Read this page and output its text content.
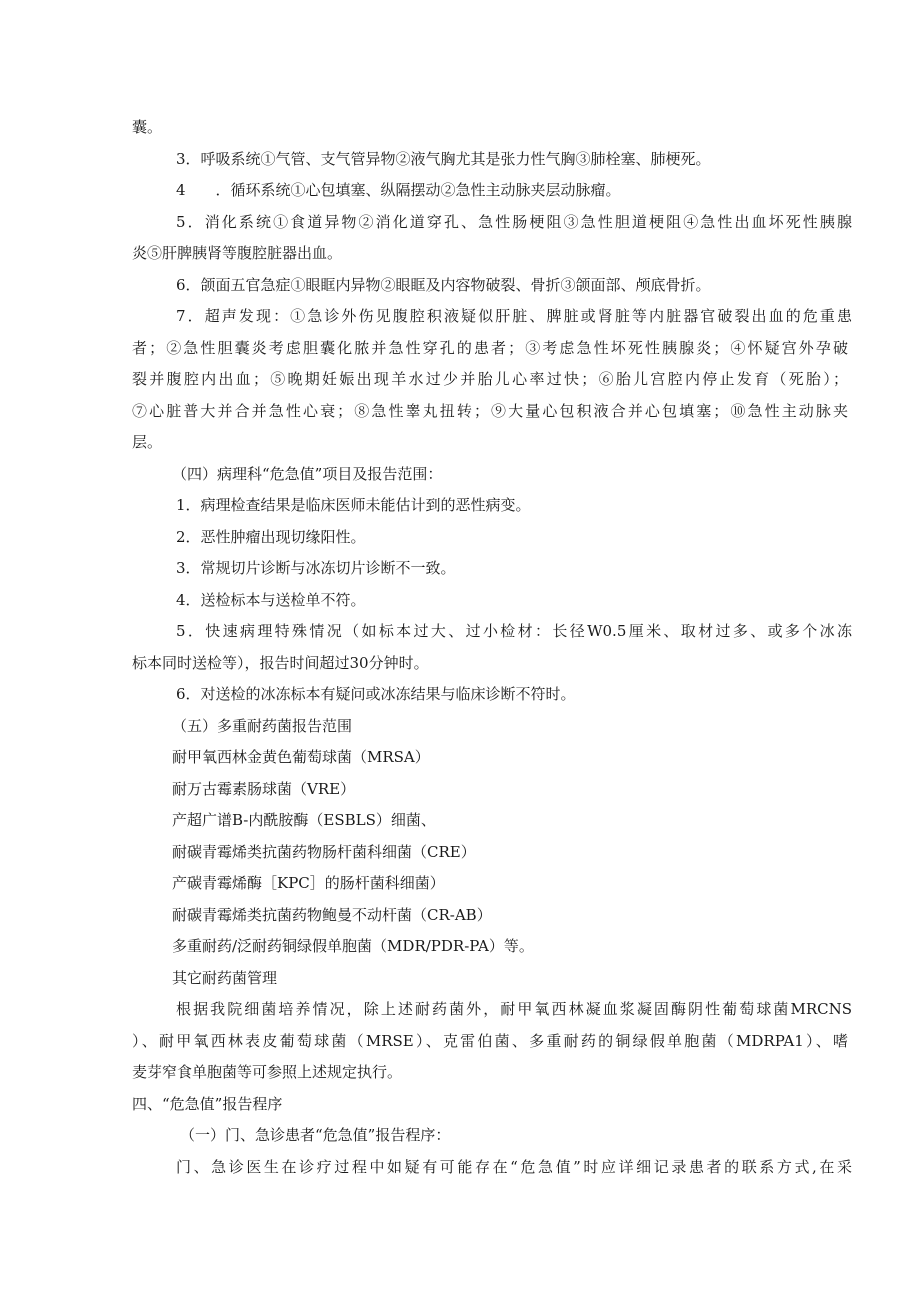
囊。
3．呼吸系统①气管、支气管异物②液气胸尤其是张力性气胸③肺栓塞、肺梗死。
4　　．循环系统①心包填塞、纵隔摆动②急性主动脉夹层动脉瘤。
5．消化系统①食道异物②消化道穿孔、急性肠梗阻③急性胆道梗阻④急性出血坏死性胰腺
炎⑤肝脾胰肾等腹腔脏器出血。
6．颌面五官急症①眼眶内异物②眼眶及内容物破裂、骨折③颌面部、颅底骨折。
7．超声发现：①急诊外伤见腹腔积液疑似肝脏、脾脏或肾脏等内脏器官破裂出血的危重患
者；②急性胆囊炎考虑胆囊化脓并急性穿孔的患者；③考虑急性坏死性胰腺炎；④怀疑宫外孕破
裂并腹腔内出血；⑤晚期妊娠出现羊水过少并胎儿心率过快；⑥胎儿宫腔内停止发育（死胎）；
⑦心脏普大并合并急性心衰；⑧急性睾丸扭转；⑨大量心包积液合并心包填塞；⑩急性主动脉夹
层。
（四）病理科“危急值”项目及报告范围：
1．病理检查结果是临床医师未能估计到的恶性病变。
2．恶性肿瘤出现切缘阳性。
3．常规切片诊断与冰冻切片诊断不一致。
4．送检标本与送检单不符。
5．快速病理特殊情况（如标本过大、过小检材：长径W0.5厘米、取材过多、或多个冰冻
标本同时送检等），报告时间超过30分钟时。
6．对送检的冰冻标本有疑问或冰冻结果与临床诊断不符时。
（五）多重耐药菌报告范围
耐甲氧西林金黄色葡萄球菌（MRSA）
耐万古霉素肠球菌（VRE）
产超广谱B-内酰胺酶（ESBLS）细菌、
耐碳青霉烯类抗菌药物肠杆菌科细菌（CRE）
产碳青霉烯酶［KPC］的肠杆菌科细菌）
耐碳青霉烯类抗菌药物鲍曼不动杆菌（CR-AB）
多重耐药/泛耐药铜绿假单胞菌（MDR/PDR-PA）等。
其它耐药菌管理
根据我院细菌培养情况，除上述耐药菌外，耐甲氧西林凝血浆凝固酶阴性葡萄球菌MRCNS
）、耐甲氧西林表皮葡萄球菌（MRSE）、克雷伯菌、多重耐药的铜绿假单胞菌（MDRPA1）、嗜
麦芽窄食单胞菌等可参照上述规定执行。
四、“危急值”报告程序
（一）门、急诊患者“危急值”报告程序：
门、急诊医生在诊疗过程中如疑有可能存在“危急值”时应详细记录患者的联系方式,在采
